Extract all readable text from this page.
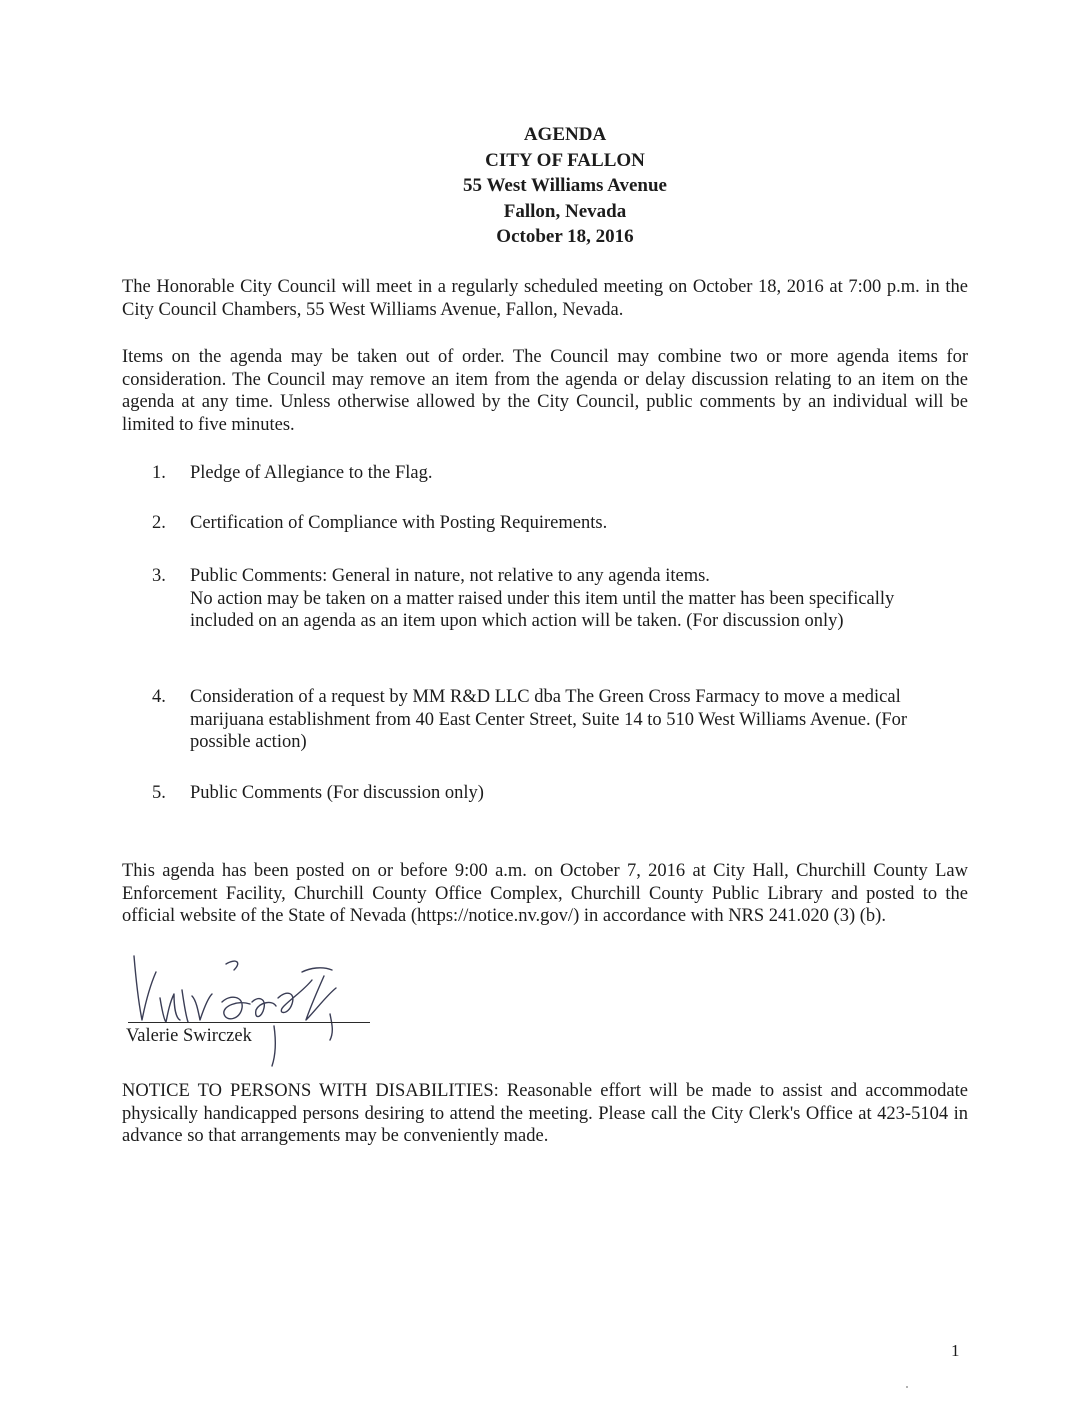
AGENDA
CITY OF FALLON
55 West Williams Avenue
Fallon, Nevada
October 18, 2016
The Honorable City Council will meet in a regularly scheduled meeting on October 18, 2016 at 7:00 p.m. in the City Council Chambers, 55 West Williams Avenue, Fallon, Nevada.
Items on the agenda may be taken out of order. The Council may combine two or more agenda items for consideration. The Council may remove an item from the agenda or delay discussion relating to an item on the agenda at any time. Unless otherwise allowed by the City Council, public comments by an individual will be limited to five minutes.
1.	Pledge of Allegiance to the Flag.
2.	Certification of Compliance with Posting Requirements.
3.	Public Comments: General in nature, not relative to any agenda items.
No action may be taken on a matter raised under this item until the matter has been specifically included on an agenda as an item upon which action will be taken. (For discussion only)
4.	Consideration of a request by MM R&D LLC dba The Green Cross Farmacy to move a medical marijuana establishment from 40 East Center Street, Suite 14 to 510 West Williams Avenue. (For possible action)
5.	Public Comments (For discussion only)
This agenda has been posted on or before 9:00 a.m. on October 7, 2016 at City Hall, Churchill County Law Enforcement Facility, Churchill County Office Complex, Churchill County Public Library and posted to the official website of the State of Nevada (https://notice.nv.gov/) in accordance with NRS 241.020 (3) (b).
Valerie Swirczek
NOTICE TO PERSONS WITH DISABILITIES: Reasonable effort will be made to assist and accommodate physically handicapped persons desiring to attend the meeting. Please call the City Clerk's Office at 423-5104 in advance so that arrangements may be conveniently made.
1
